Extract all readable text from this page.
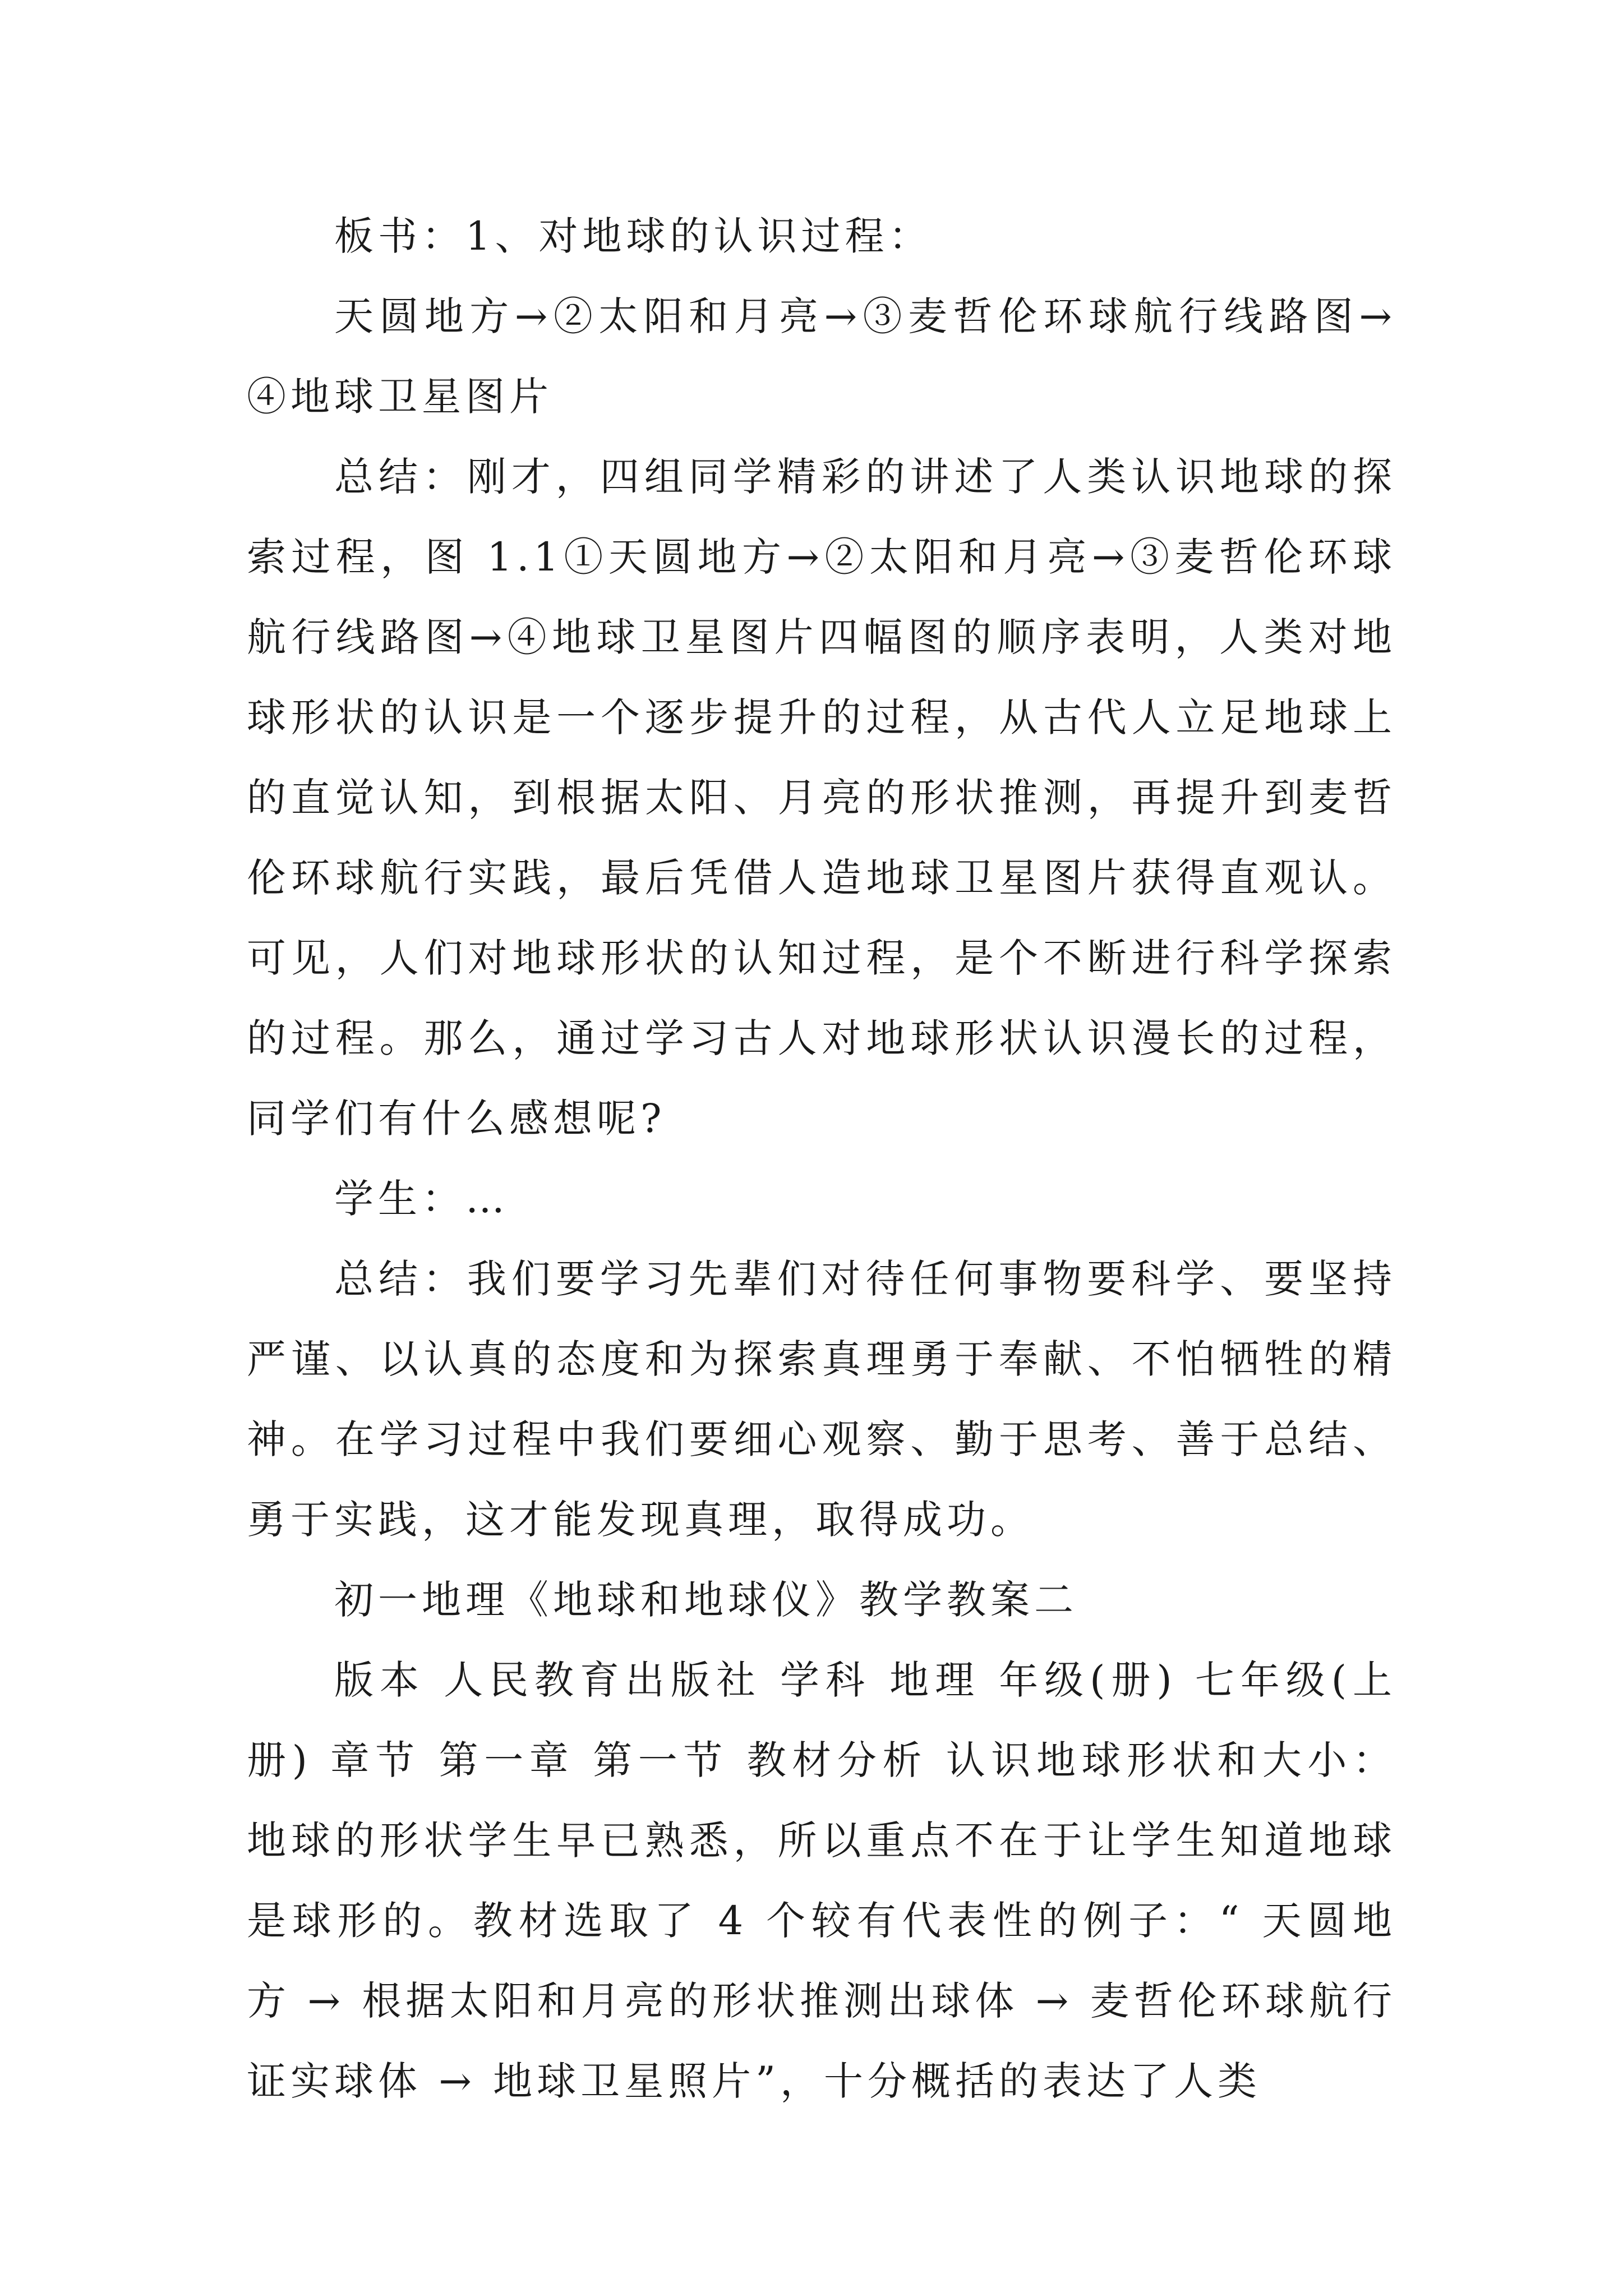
板书：1、对地球的认识过程：

天圆地方→②太阳和月亮→③麦哲伦环球航行线路图→④地球卫星图片

总结：刚才，四组同学精彩的讲述了人类认识地球的探索过程，图 1.1①天圆地方→②太阳和月亮→③麦哲伦环球航行线路图→④地球卫星图片四幅图的顺序表明，人类对地球形状的认识是一个逐步提升的过程，从古代人立足地球上的直觉认知，到根据太阳、月亮的形状推测，再提升到麦哲伦环球航行实践，最后凭借人造地球卫星图片获得直观认。可见，人们对地球形状的认知过程，是个不断进行科学探索的过程。那么，通过学习古人对地球形状认识漫长的过程，同学们有什么感想呢?

学生：…

总结：我们要学习先辈们对待任何事物要科学、要坚持严谨、以认真的态度和为探索真理勇于奉献、不怕牺牲的精神。在学习过程中我们要细心观察、勤于思考、善于总结、勇于实践，这才能发现真理，取得成功。

初一地理《地球和地球仪》教学教案二

版本 人民教育出版社 学科 地理 年级(册) 七年级(上册) 章节 第一章 第一节 教材分析 认识地球形状和大小：地球的形状学生早已熟悉，所以重点不在于让学生知道地球是球形的。教材选取了 4 个较有代表性的例子：“ 天圆地方 → 根据太阳和月亮的形状推测出球体 → 麦哲伦环球航行证实球体 → 地球卫星照片”，十分概括的表达了人类
